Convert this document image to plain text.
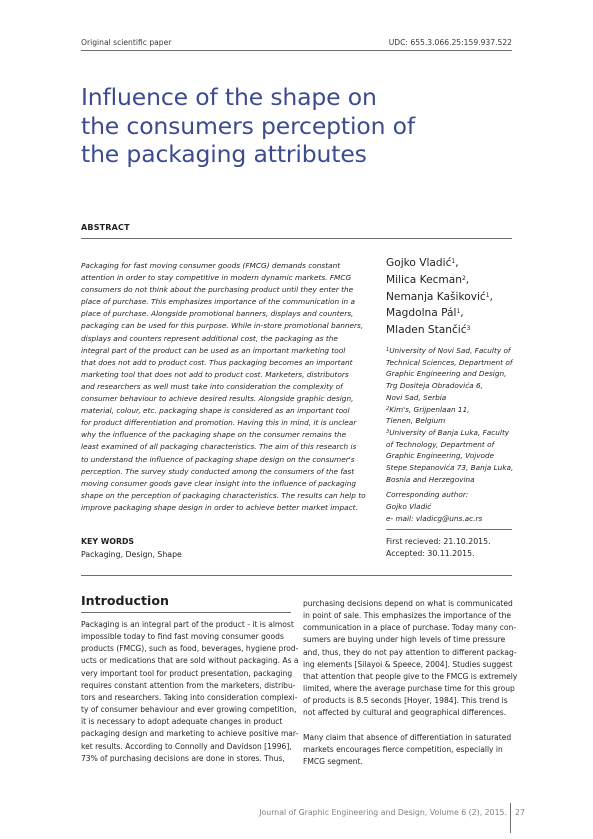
Original scientific paper	UDC: 655.3.066.25:159.937.522
Influence of the shape on
the consumers perception of
the packaging attributes
ABSTRACT
Packaging for fast moving consumer goods (FMCG) demands constant
attention in order to stay competitive in modern dynamic markets. FMCG
consumers do not think about the purchasing product until they enter the
place of purchase. This emphasizes importance of the communication in a
place of purchase. Alongside promotional banners, displays and counters,
packaging can be used for this purpose. While in-store promotional banners,
displays and counters represent additional cost, the packaging as the
integral part of the product can be used as an important marketing tool
that does not add to product cost. Thus packaging becomes an important
marketing tool that does not add to product cost. Marketers, distributors
and researchers as well must take into consideration the complexity of
consumer behaviour to achieve desired results. Alongside graphic design,
material, colour, etc. packaging shape is considered as an important tool
for product differentiation and promotion. Having this in mind, it is unclear
why the influence of the packaging shape on the consumer remains the
least examined of all packaging characteristics. The aim of this research is
to understand the influence of packaging shape design on the consumer's
perception. The survey study conducted among the consumers of the fast
moving consumer goods gave clear insight into the influence of packaging
shape on the perception of packaging characteristics. The results can help to
improve packaging shape design in order to achieve better market impact.
Gojko Vladić$^1$,
Milica Kecman$^2$,
Nemanja Kašiković$^1$,
Magdolna Pál$^1$,
Mladen Stančić$^3$
$^1$University of Novi Sad, Faculty of
Technical Sciences, Department of
Graphic Engineering and Design,
Trg Dositeja Obradovića 6,
Novi Sad, Serbia
$^2$Kim's, Grijpenlaan 11,
Tienen, Belgium
$^3$University of Banja Luka, Faculty
of Technology, Department of
Graphic Engineering, Vojvode
Stepe Stepanovića 73, Banja Luka,
Bosnia and Herzegovina
Corresponding author:
Gojko Vladić
e- mail: vladicg@uns.ac.rs
First recieved: 21.10.2015.
Accepted: 30.11.2015.
KEY WORDS
Packaging, Design, Shape
Introduction
Packaging is an integral part of the product - it is almost
impossible today to find fast moving consumer goods
products (FMCG), such as food, beverages, hygiene prod-
ucts or medications that are sold without packaging. As a
very important tool for product presentation, packaging
requires constant attention from the marketers, distribu-
tors and researchers. Taking into consideration complexi-
ty of consumer behaviour and ever growing competition,
it is necessary to adopt adequate changes in product
packaging design and marketing to achieve positive mar-
ket results. According to Connolly and Davidson [1996],
73% of purchasing decisions are done in stores. Thus,
purchasing decisions depend on what is communicated
in point of sale. This emphasizes the importance of the
communication in a place of purchase. Today many con-
sumers are buying under high levels of time pressure
and, thus, they do not pay attention to different packag-
ing elements [Silayoi & Speece, 2004]. Studies suggest
that attention that people give to the FMCG is extremely
limited, where the average purchase time for this group
of products is 8.5 seconds [Hoyer, 1984]. This trend is
not affected by cultural and geographical differences.
Many claim that absence of differentiation in saturated
markets encourages fierce competition, especially in
FMCG segment.
Journal of Graphic Engineering and Design, Volume 6 (2), 2015. 27
